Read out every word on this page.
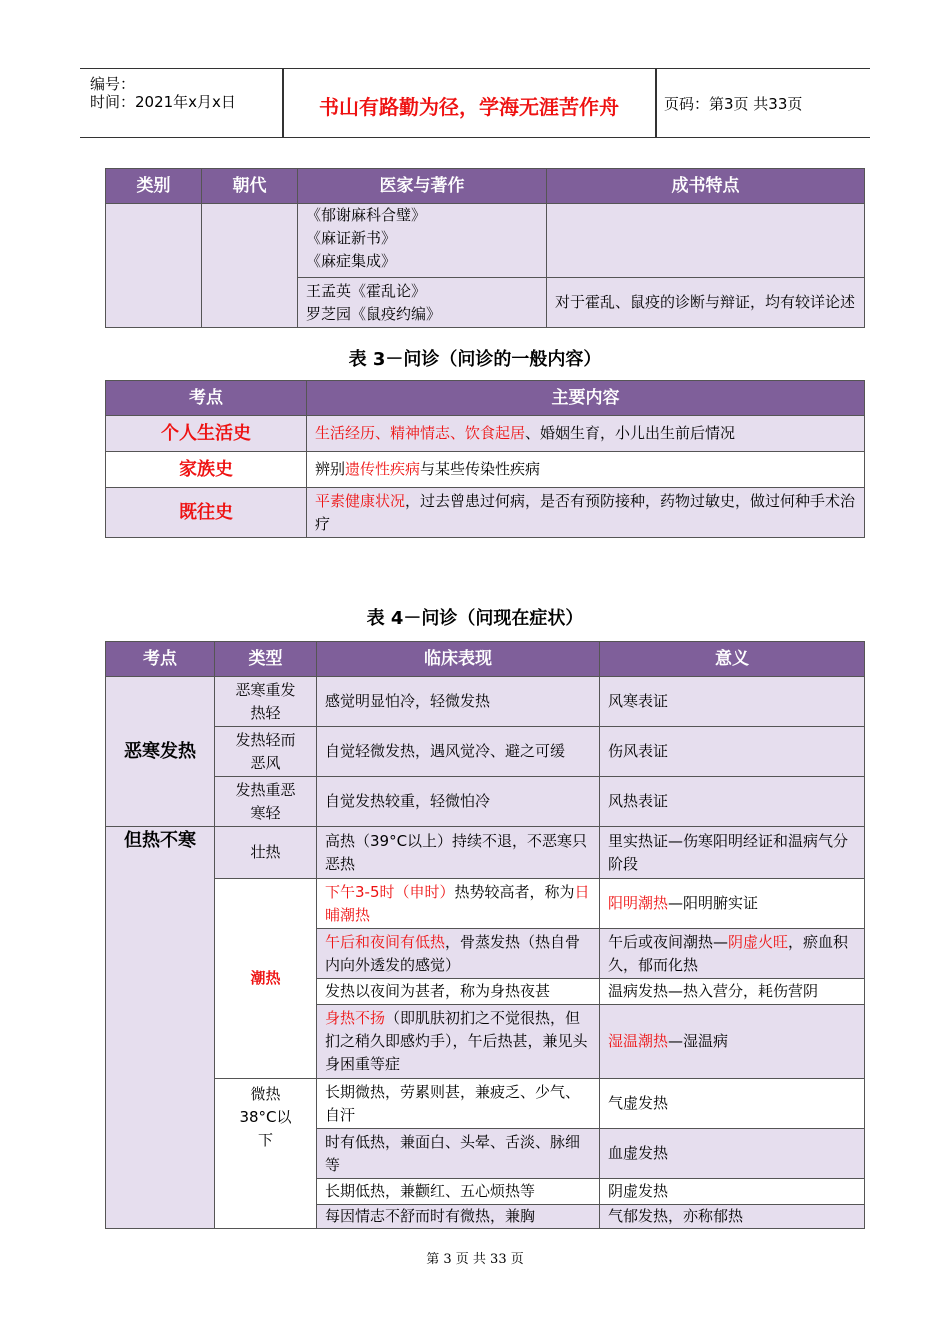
编号：
时间：2021年x月x日	书山有路勤为径，学海无涯苦作舟	页码：第3页 共33页
类别	朝代	医家与著作	成书特点

		《郁谢麻科合璧》
《麻证新书》
《麻症集成》	

		王孟英《霍乱论》
罗芝园《鼠疫约编》	对于霍乱、鼠疫的诊断与辩证，均有较详论述
表 3－问诊（问诊的一般内容）
考点	主要内容
个人生活史	生活经历、精神情志、饮食起居、婚姻生育，小儿出生前后情况
家族史	辨别遗传性疾病与某些传染性疾病
既往史	平素健康状况，过去曾患过何病，是否有预防接种，药物过敏史，做过何种手术治疗
表 4－问诊（问现在症状）
考点	类型	临床表现	意义
恶寒发热	恶寒重发热轻	感觉明显怕冷，轻微发热	风寒表证
	发热轻而恶风	自觉轻微发热，遇风觉冷、避之可缓	伤风表证
	发热重恶寒轻	自觉发热较重，轻微怕冷	风热表证
但热不寒	壮热	高热（39°C以上）持续不退，不恶寒只恶热	里实热证—伤寒阳明经证和温病气分阶段
	潮热	下午3-5时（申时）热势较高者，称为日晡潮热	阳明潮热—阳明腑实证
		午后和夜间有低热，骨蒸发热（热自骨内向外透发的感觉）	午后或夜间潮热—阴虚火旺，瘀血积久，郁而化热
		发热以夜间为甚者，称为身热夜甚	温病发热—热入营分，耗伤营阴
		身热不扬（即肌肤初扪之不觉很热，但扪之稍久即感灼手），午后热甚，兼见头身困重等症	湿温潮热—湿温病
	微热38°C以下	长期微热，劳累则甚，兼疲乏、少气、自汗	气虚发热
		时有低热，兼面白、头晕、舌淡、脉细等	血虚发热
		长期低热，兼颧红、五心烦热等	阴虚发热
		每因情志不舒而时有微热，兼胸	气郁发热，亦称郁热
第 3 页 共 33 页
